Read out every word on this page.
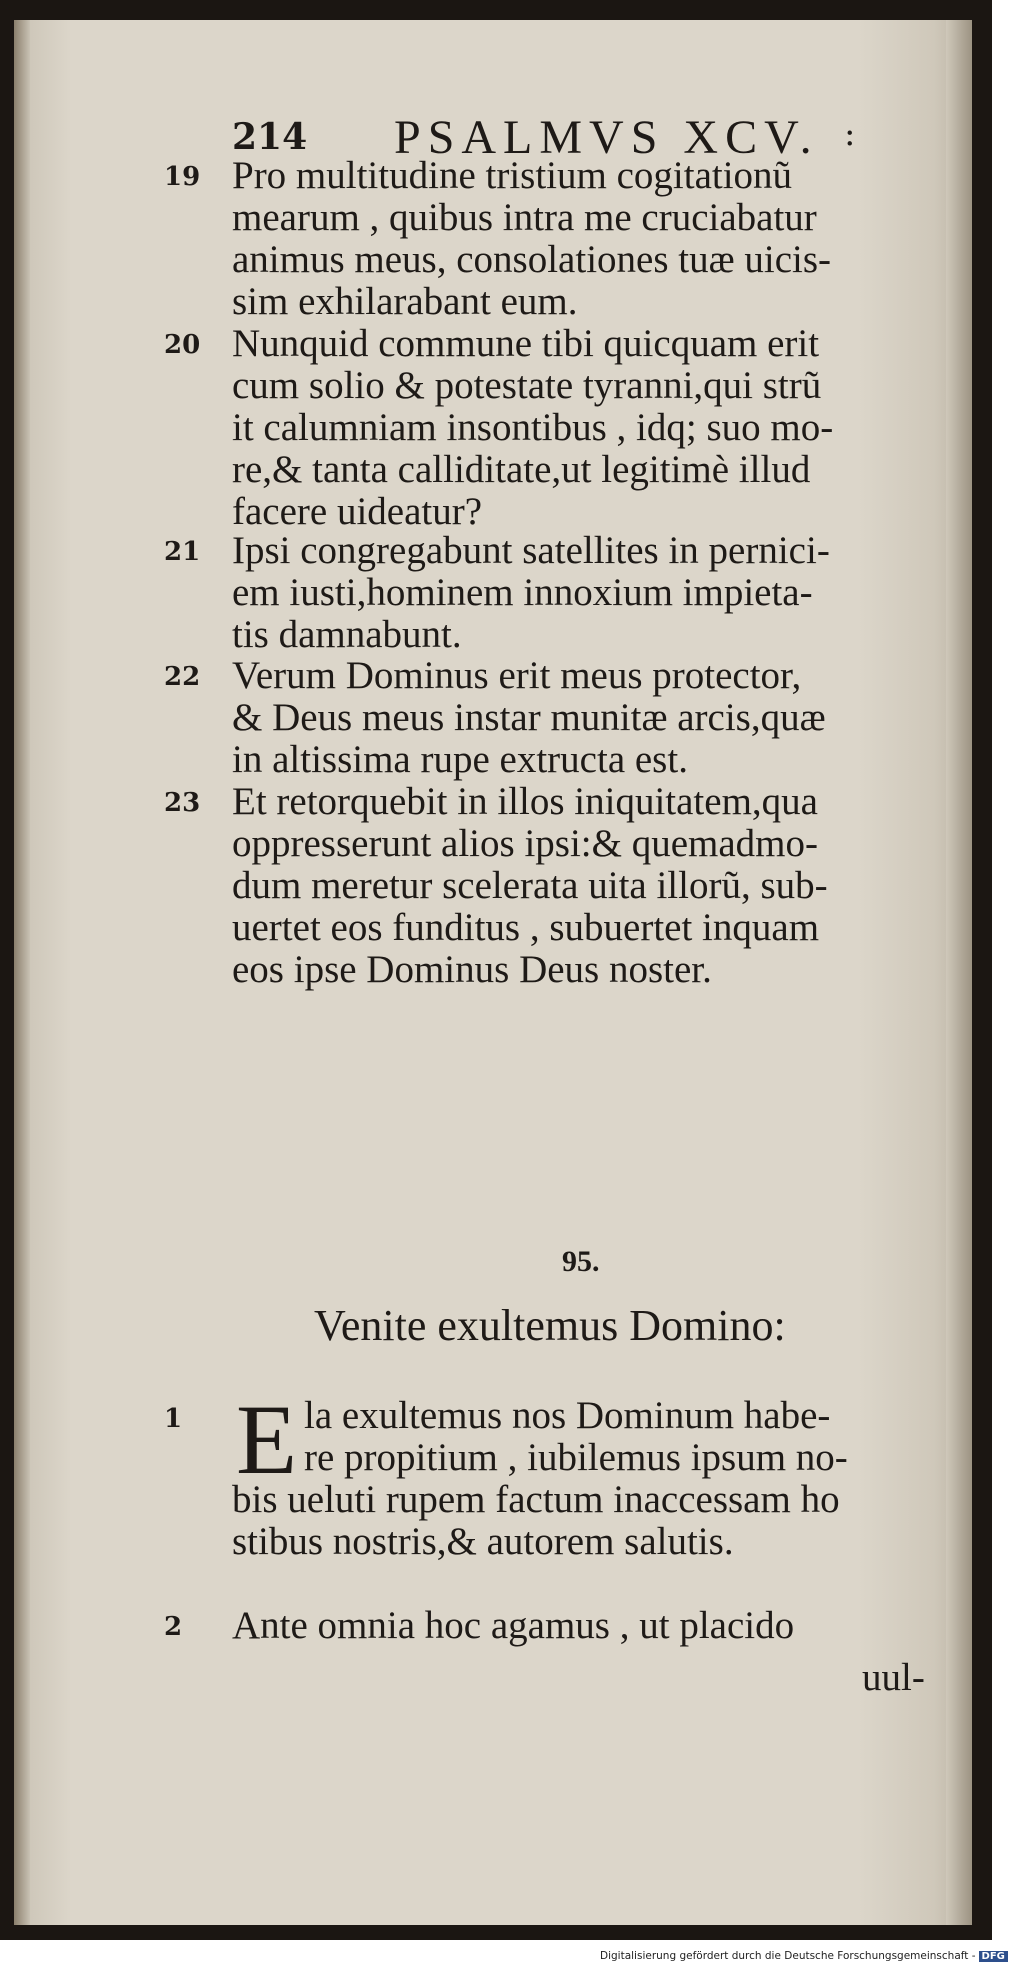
214 PSALMVS XCV. :
19 Pro multitudine tristium cogitationũ
mearum , quibus intra me cruciabatur
animus meus, consolationes tuæ uicis-
sim exhilarabant eum.
20 Nunquid commune tibi quicquam erit
cum solio & potestate tyranni,qui strũ
it calumniam insontibus , idq; suo mo-
re,& tanta calliditate,ut legitimè illud
facere uideatur?
21 Ipsi congregabunt satellites in pernici-
em iusti,hominem innoxium impieta-
tis damnabunt.
22 Verum Dominus erit meus protector,
& Deus meus instar munitæ arcis,quæ
in altissima rupe extructa est.
23 Et retorquebit in illos iniquitatem,qua
oppresserunt alios ipsi:& quemadmo-
dum meretur scelerata uita illorũ, sub-
uertet eos funditus , subuertet inquam
eos ipse Dominus Deus noster.
95.
Venite exultemus Domino:
1	la exultemus nos Dominum habe-
re propitium , iubilemus ipsum no-
bis ueluti rupem factum inaccessam ho
stibus nostris,& autorem salutis.
E
2 Ante omnia hoc agamus , ut placido
uul-
Digitalisierung gefördert durch die Deutsche Forschungsgemeinschaft - DFG
